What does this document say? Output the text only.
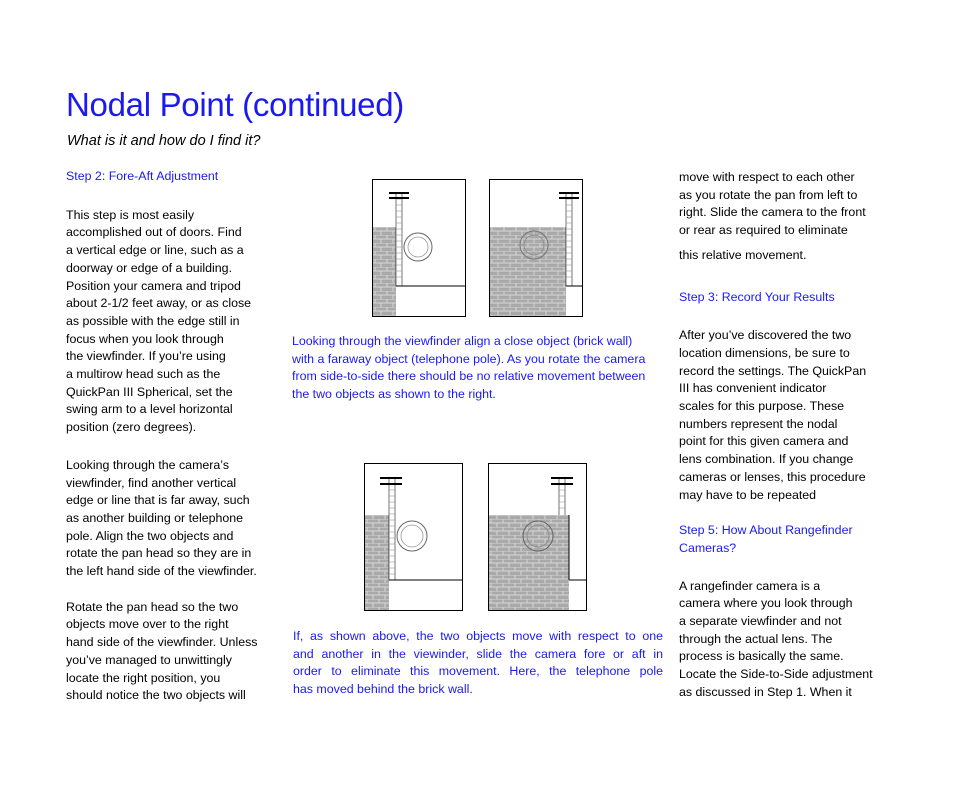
Nodal Point (continued)
What is it and how do I find it?
Step 2: Fore-Aft Adjustment
This step is most easily
accomplished out of doors. Find
a vertical edge or line, such as a
doorway or edge of a building.
Position your camera and tripod
about 2-1/2 feet away, or as close
as possible with the edge still in
focus when you look through
the viewfinder. If you’re using
a multirow head such as the
QuickPan III Spherical, set the
swing arm to a level horizontal
position (zero degrees).
Looking through the camera’s
viewfinder, find another vertical
edge or line that is far away, such
as another building or telephone
pole. Align the two objects and
rotate the pan head so they are in
the left hand side of the viewfinder.
Rotate the pan head so the two
objects move over to the right
hand side of the viewfinder. Unless
you’ve managed to unwittingly
locate the right position, you
should notice the two objects will
Looking through the viewfinder align a close object (brick wall)
with a faraway object (telephone pole). As you rotate the camera
from side-to-side there should be no relative movement between
the two objects as shown to the right.
If, as shown above, the two objects move with respect to one
and another in the viewinder, slide the camera fore or aft in
order to eliminate this movement. Here, the telephone pole
has moved behind the brick wall.
move with respect to each other
as you rotate the pan from left to
right. Slide the camera to the front
or rear as required to eliminate
this relative movement.
Step 3: Record Your Results
After you’ve discovered the two
location dimensions, be sure to
record the settings. The QuickPan
III has convenient indicator
scales for this purpose. These
numbers represent the nodal
point for this given camera and
lens combination. If you change
cameras or lenses, this procedure
may have to be repeated
Step 5: How About Rangefinder
Cameras?
A rangefinder camera is a
camera where you look through
a separate viewfinder and not
through the actual lens. The
process is basically the same.
Locate the Side-to-Side adjustment
as discussed in Step 1. When it
